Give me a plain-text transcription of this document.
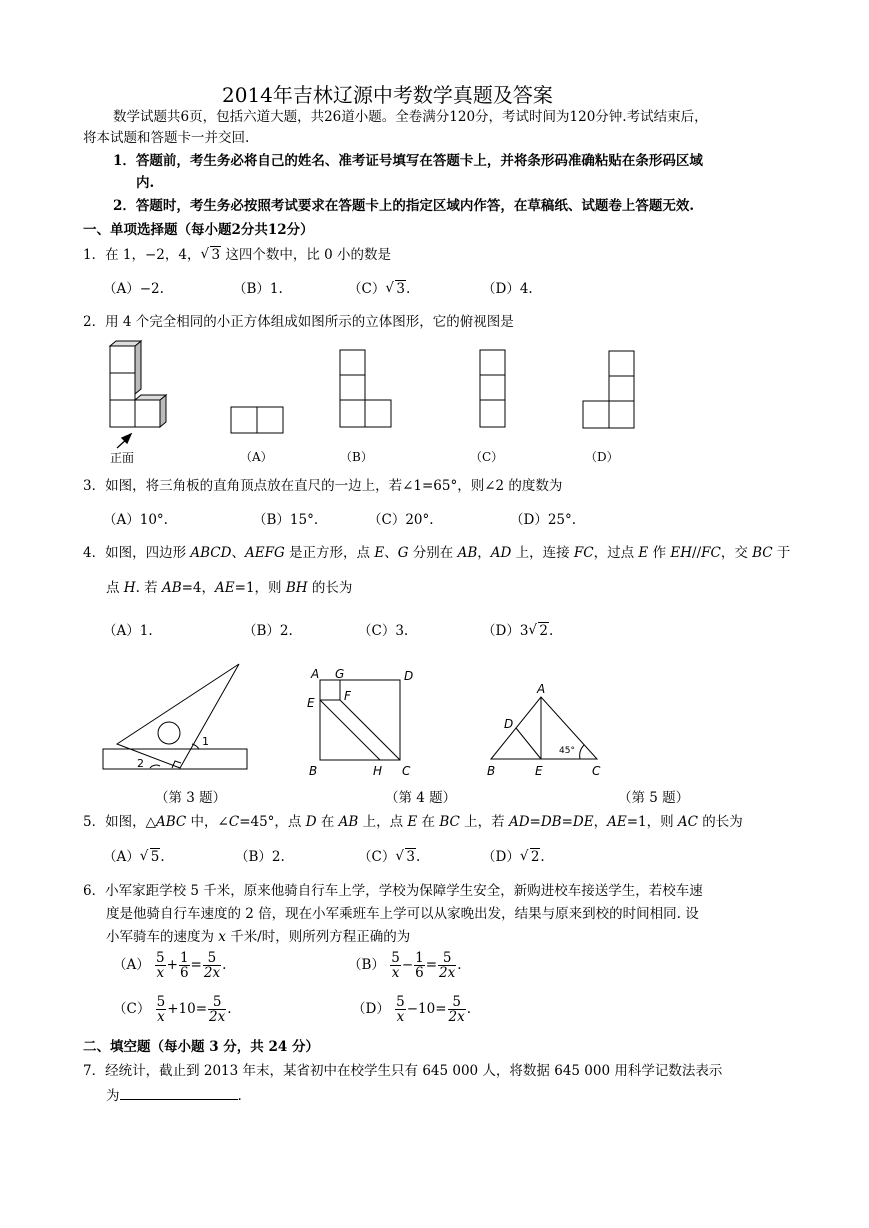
2014年吉林辽源中考数学真题及答案
数学试题共6页，包括六道大题，共26道小题。全卷满分120分，考试时间为120分钟.考试结束后，
将本试题和答题卡一并交回.
1．答题前，考生务必将自己的姓名、准考证号填写在答题卡上，并将条形码准确粘贴在条形码区域
内.
2．答题时，考生务必按照考试要求在答题卡上的指定区域内作答，在草稿纸、试题卷上答题无效.
一、单项选择题（每小题2分共12分）
1．在 1，−2，4， √ 3 这四个数中，比 0 小的数是
（A）−2.	（B）1.	（C） √ 3.	（D）4.
2．用 4 个完全相同的小正方体组成如图所示的立体图形，它的俯视图是
正面	（A）	（B）	（C）	（D）
3．如图，将三角板的直角顶点放在直尺的一边上，若∠1=65°，则∠2 的度数为
（A）10°.	（B）15°.	（C）20°.	（D）25°.
4．如图，四边形 ABCD、AEFG 是正方形，点 E、G 分别在 AB，AD 上，连接 FC，过点 E 作 EH//FC，交 BC 于
点 H. 若 AB=4，AE=1，则 BH 的长为
（A）1.	（B）2.	（C）3.	（D）3 √ 2.
1
2
A G	D
E F
B	H C
A
D
B	E	C
45°
（第 3 题）	（第 4 题）	（第 5 题）
5．如图，△ABC 中，∠C=45°，点 D 在 AB 上，点 E 在 BC 上，若 AD=DB=DE，AE=1，则 AC 的长为
（A） √ 5.	（B）2.	（C） √ 3.	（D） √ 2.
6．小军家距学校 5 千米，原来他骑自行车上学，学校为保障学生安全，新购进校车接送学生，若校车速
度是他骑自行车速度的 2 倍，现在小军乘班车上学可以从家晚出发，结果与原来到校的时间相同. 设
小军骑车的速度为 x 千米/时，则所列方程正确的为
$(A) \frac{5}{x} + \frac{1}{6} = \frac{5}{2x}$ .	$(B) \frac{5}{x} - \frac{1}{6} = \frac{5}{2x}$ .
$(C) \frac{5}{x} +10= \frac{5}{2x}$ .	$(D) \frac{5}{x} -10= \frac{5}{2x}$ .
二、填空题（每小题 3 分，共 24 分）
7．经统计，截止到 2013 年末，某省初中在校学生只有 645 000 人，将数据 645 000 用科学记数法表示
为	.
